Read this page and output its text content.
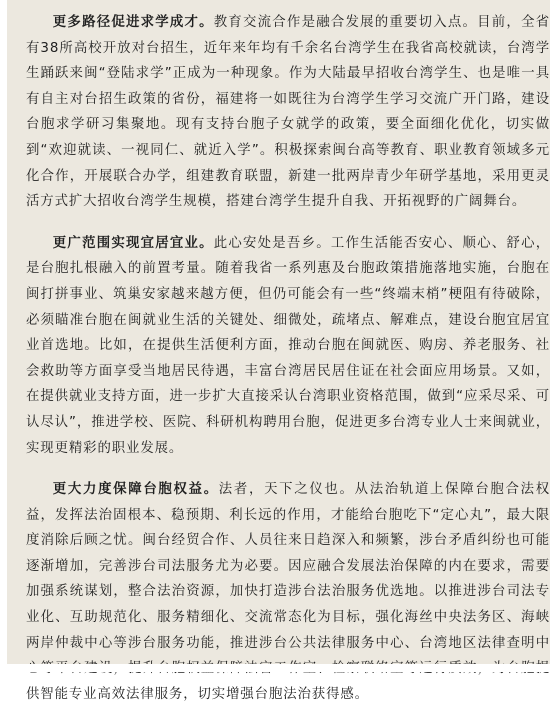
更多路径促进求学成才。教育交流合作是融合发展的重要切入点。目前，全省有38所高校开放对台招生，近年来年均有千余名台湾学生在我省高校就读，台湾学生踊跃来闽“登陆求学”正成为一种现象。作为大陆最早招收台湾学生、也是唯一具有自主对台招生政策的省份，福建将一如既往为台湾学生学习交流广开门路，建设台胞求学研习集聚地。现有支持台胞子女就学的政策，要全面细化优化，切实做到“欢迎就读、一视同仁、就近入学”。积极探索闽台高等教育、职业教育领域多元化合作，开展联合办学，组建教育联盟，新建一批两岸青少年研学基地，采用更灵活方式扩大招收台湾学生规模，搭建台湾学生提升自我、开拓视野的广阔舞台。

更广范围实现宜居宜业。此心安处是吾乡。工作生活能否安心、顺心、舒心，是台胞扎根融入的前置考量。随着我省一系列惠及台胞政策措施落地实施，台胞在闽打拼事业、筑巢安家越来越方便，但仍可能会有一些“终端末梢”梗阻有待破除，必须瞄准台胞在闽就业生活的关键处、细微处，疏堵点、解难点，建设台胞宜居宜业首选地。比如，在提供生活便利方面，推动台胞在闽就医、购房、养老服务、社会救助等方面享受当地居民待遇，丰富台湾居民居住证在社会面应用场景。又如，在提供就业支持方面，进一步扩大直接采认台湾职业资格范围，做到“应采尽采、可认尽认”，推进学校、医院、科研机构聘用台胞，促进更多台湾专业人士来闽就业，实现更精彩的职业发展。

更大力度保障台胞权益。法者，天下之仪也。从法治轨道上保障台胞合法权益，发挥法治固根本、稳预期、利长远的作用，才能给台胞吃下“定心丸”，最大限度消除后顾之忧。闽台经贸合作、人员往来日趋深入和频繁，涉台矛盾纠纷也可能逐渐增加，完善涉台司法服务尤为必要。因应融合发展法治保障的内在要求，需要加强系统谋划，整合法治资源，加快打造涉台法治服务优选地。以推进涉台司法专业化、互助规范化、服务精细化、交流常态化为目标，强化海丝中央法务区、海峡两岸仲裁中心等涉台服务功能，推进涉台公共法律服务中心、台湾地区法律查明中 供智能专业高效法律服务，切实增强台胞法治获得感。
